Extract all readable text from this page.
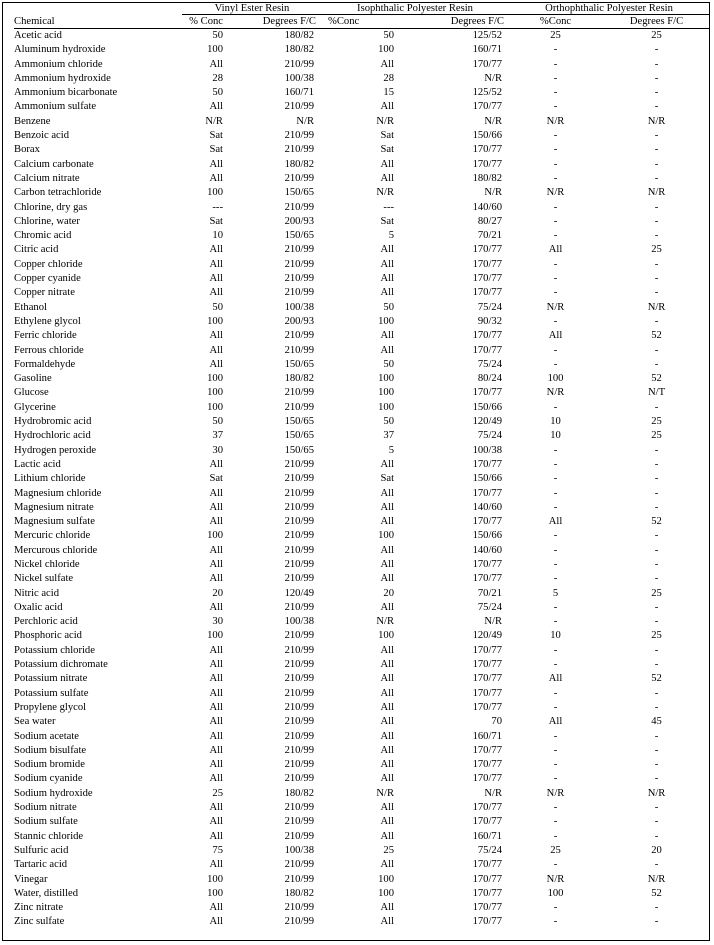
	Vinyl Ester Resin		Isophthalic Polyester Resin		Orthophthalic Polyester Resin	
Chemical	% Conc	Degrees F/C	%Conc	Degrees F/C	%Conc	Degrees F/C
Acetic acid	50	180/82	50	125/52	25	25
Aluminum hydroxide	100	180/82	100	160/71	-	-
Ammonium chloride	All	210/99	All	170/77	-	-
Ammonium hydroxide	28	100/38	28	N/R	-	-
Ammonium bicarbonate	50	160/71	15	125/52	-	-
Ammonium sulfate	All	210/99	All	170/77	-	-
Benzene	N/R	N/R	N/R	N/R	N/R	N/R
Benzoic acid	Sat	210/99	Sat	150/66	-	-
Borax	Sat	210/99	Sat	170/77	-	-
Calcium carbonate	All	180/82	All	170/77	-	-
Calcium nitrate	All	210/99	All	180/82	-	-
Carbon tetrachloride	100	150/65	N/R	N/R	N/R	N/R
Chlorine, dry gas	---	210/99	---	140/60	-	-
Chlorine, water	Sat	200/93	Sat	80/27	-	-
Chromic acid	10	150/65	5	70/21	-	-
Citric acid	All	210/99	All	170/77	All	25
Copper chloride	All	210/99	All	170/77	-	-
Copper cyanide	All	210/99	All	170/77	-	-
Copper nitrate	All	210/99	All	170/77	-	-
Ethanol	50	100/38	50	75/24	N/R	N/R
Ethylene glycol	100	200/93	100	90/32	-	-
Ferric chloride	All	210/99	All	170/77	All	52
Ferrous chloride	All	210/99	All	170/77	-	-
Formaldehyde	All	150/65	50	75/24	-	-
Gasoline	100	180/82	100	80/24	100	52
Glucose	100	210/99	100	170/77	N/R	N/T
Glycerine	100	210/99	100	150/66	-	-
Hydrobromic acid	50	150/65	50	120/49	10	25
Hydrochloric acid	37	150/65	37	75/24	10	25
Hydrogen peroxide	30	150/65	5	100/38	-	-
Lactic acid	All	210/99	All	170/77	-	-
Lithium chloride	Sat	210/99	Sat	150/66	-	-
Magnesium chloride	All	210/99	All	170/77	-	-
Magnesium nitrate	All	210/99	All	140/60	-	-
Magnesium sulfate	All	210/99	All	170/77	All	52
Mercuric chloride	100	210/99	100	150/66	-	-
Mercurous chloride	All	210/99	All	140/60	-	-
Nickel chloride	All	210/99	All	170/77	-	-
Nickel sulfate	All	210/99	All	170/77	-	-
Nitric acid	20	120/49	20	70/21	5	25
Oxalic acid	All	210/99	All	75/24	-	-
Perchloric acid	30	100/38	N/R	N/R	-	-
Phosphoric acid	100	210/99	100	120/49	10	25
Potassium chloride	All	210/99	All	170/77	-	-
Potassium dichromate	All	210/99	All	170/77	-	-
Potassium nitrate	All	210/99	All	170/77	All	52
Potassium sulfate	All	210/99	All	170/77	-	-
Propylene glycol	All	210/99	All	170/77	-	-
Sea water	All	210/99	All	70	All	45
Sodium acetate	All	210/99	All	160/71	-	-
Sodium bisulfate	All	210/99	All	170/77	-	-
Sodium bromide	All	210/99	All	170/77	-	-
Sodium cyanide	All	210/99	All	170/77	-	-
Sodium hydroxide	25	180/82	N/R	N/R	N/R	N/R
Sodium nitrate	All	210/99	All	170/77	-	-
Sodium sulfate	All	210/99	All	170/77	-	-
Stannic chloride	All	210/99	All	160/71	-	-
Sulfuric acid	75	100/38	25	75/24	25	20
Tartaric acid	All	210/99	All	170/77	-	-
Vinegar	100	210/99	100	170/77	N/R	N/R
Water, distilled	100	180/82	100	170/77	100	52
Zinc nitrate	All	210/99	All	170/77	-	-
Zinc sulfate	All	210/99	All	170/77	-	-
